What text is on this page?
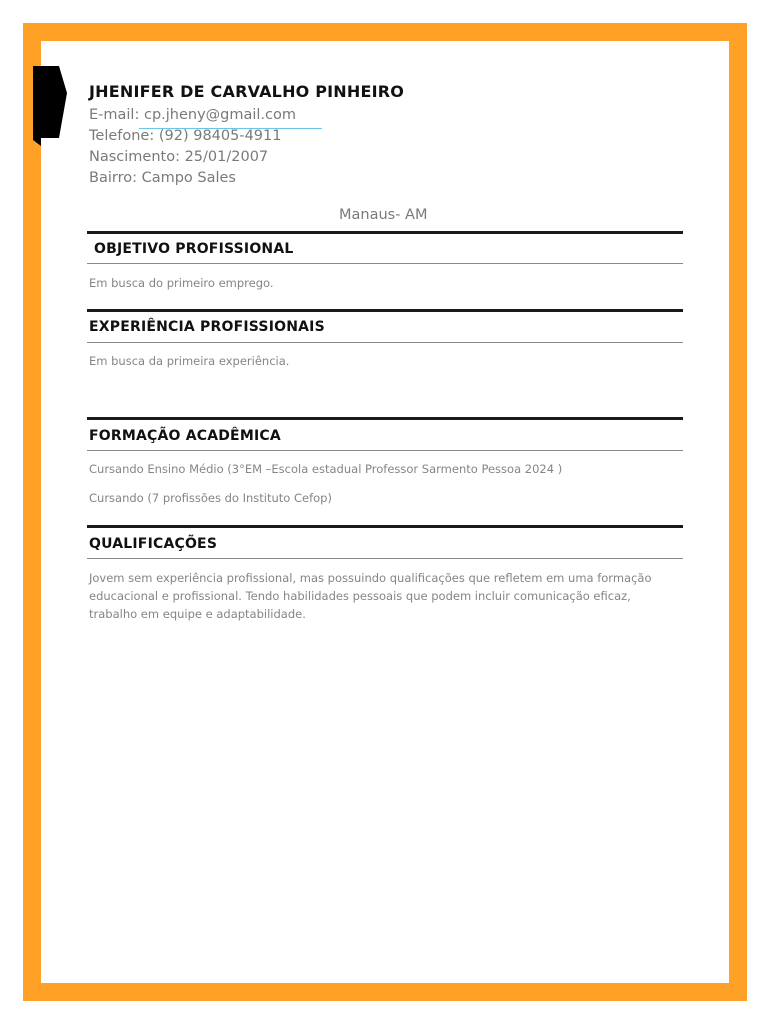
JHENIFER DE CARVALHO PINHEIRO
E-mail: cp.jheny@gmail.com
Telefone: (92) 98405-4911
Nascimento: 25/01/2007
Bairro: Campo Sales
Manaus- AM
OBJETIVO PROFISSIONAL
Em busca do primeiro emprego.
EXPERIÊNCIA PROFISSIONAIS
Em busca da primeira experiência.
FORMAÇÃO ACADÊMICA
Cursando Ensino Médio (3°EM –Escola estadual Professor Sarmento Pessoa 2024 )
Cursando (7 profissões do Instituto Cefop)
QUALIFICAÇÕES
Jovem sem experiência profissional, mas possuindo qualificações que refletem em uma formação educacional e profissional. Tendo habilidades pessoais que podem incluir comunicação eficaz, trabalho em equipe e adaptabilidade.
